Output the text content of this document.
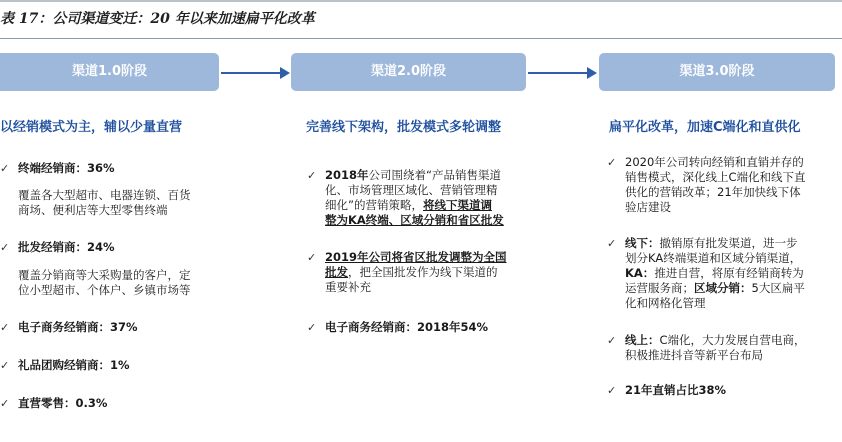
表 17：公司渠道变迁：20 年以来加速扁平化改革
渠道1.0阶段	渠道2.0阶段	渠道3.0阶段
以经销模式为主，辅以少量直营	完善线下架构，批发模式多轮调整	扁平化改革，加速C端化和直供化
✓ 终端经销商：36%
覆盖各大型超市、电器连锁、百货
商场、便利店等大型零售终端
✓ 批发经销商：24%
覆盖分销商等大采购量的客户，定
位小型超市、个体户、乡镇市场等
✓ 电子商务经销商：37%
✓ 礼品团购经销商：1%
✓ 直营零售：0.3%
✓ 2018年公司围绕着“产品销售渠道
化、市场管理区域化、营销管理精
细化”的营销策略，将线下渠道调
整为KA终端、区域分销和省区批发
✓ 2019年公司将省区批发调整为全国
批发，把全国批发作为线下渠道的
重要补充
✓ 电子商务经销商：2018年54%
✓ 2020年公司转向经销和直销并存的
销售模式，深化线上C端化和线下直
供化的营销改革；21年加快线下体
验店建设
✓ 线下：撤销原有批发渠道，进一步
划分KA终端渠道和区域分销渠道，
KA：推进自营，将原有经销商转为
运营服务商；区域分销：5大区扁平
化和网格化管理
✓ 线上：C端化，大力发展自营电商，
积极推进抖音等新平台布局
✓ 21年直销占比38%
